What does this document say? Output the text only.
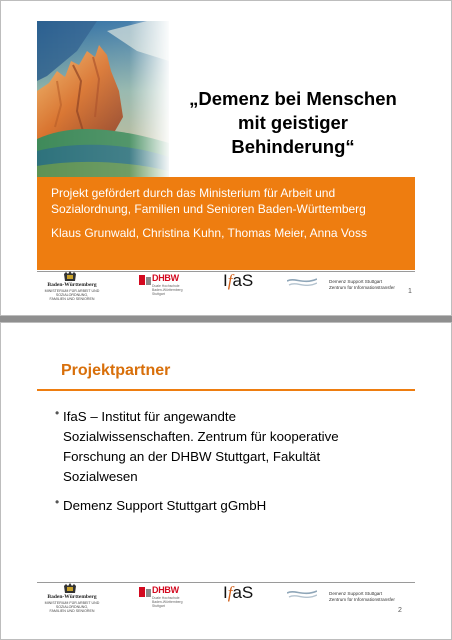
„Demenz bei Menschen
mit geistiger
Behinderung“
Projekt gefördert durch das Ministerium für Arbeit und
Sozialordnung, Familien und Senioren Baden-Württemberg
Klaus Grunwald, Christina Kuhn, Thomas Meier, Anna Voss
Baden-Württemberg
MINISTERIUM FÜR ARBEIT UND SOZIALORDNUNG,
FAMILIEN UND SENIOREN
DHBW
Duale Hochschule
Baden-Württemberg
Stuttgart
IfaS	Demenz Support Stuttgart
Zentrum für Informationstransfer
1
Projektpartner
• IfaS – Institut für angewandte
Sozialwissenschaften. Zentrum für kooperative
Forschung an der DHBW Stuttgart, Fakultät
Sozialwesen
• Demenz Support Stuttgart gGmbH
Baden-Württemberg
MINISTERIUM FÜR ARBEIT UND SOZIALORDNUNG,
FAMILIEN UND SENIOREN
DHBW
Duale Hochschule
Baden-Württemberg
Stuttgart
IfaS	Demenz Support Stuttgart
Zentrum für Informationstransfer
2
